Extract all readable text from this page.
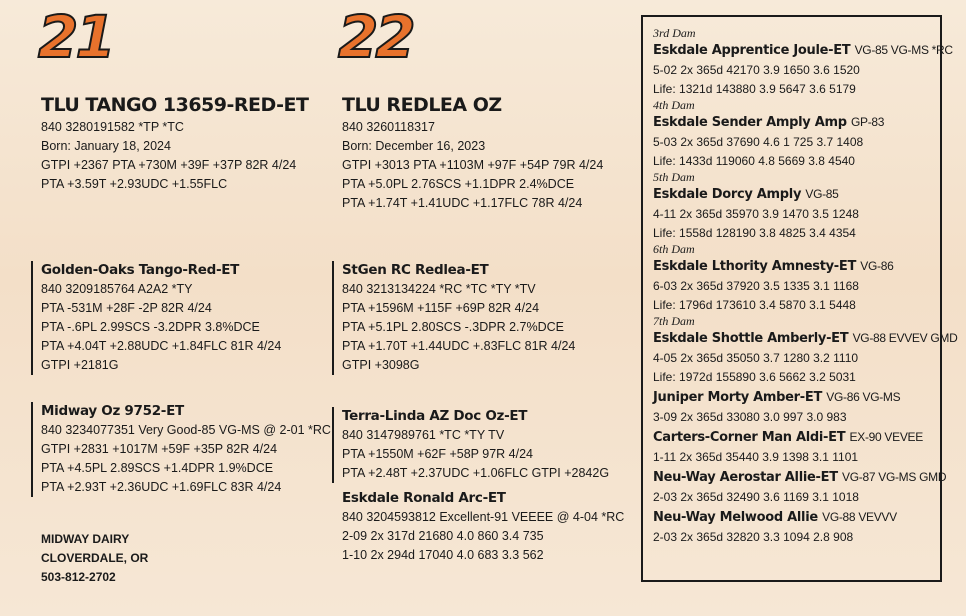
21
TLU TANGO 13659-RED-ET
840 3280191582 *TP *TC
Born: January 18, 2024
GTPI +2367 PTA +730M +39F +37P 82R 4/24
PTA +3.59T +2.93UDC +1.55FLC
Golden-Oaks Tango-Red-ET
840 3209185764 A2A2 *TY
PTA -531M +28F -2P 82R 4/24
PTA -.6PL 2.99SCS -3.2DPR 3.8%DCE
PTA +4.04T +2.88UDC +1.84FLC 81R 4/24
GTPI +2181G
Midway Oz 9752-ET
840 3234077351 Very Good-85 VG-MS @ 2-01 *RC
GTPI +2831 +1017M +59F +35P 82R 4/24
PTA +4.5PL 2.89SCS +1.4DPR 1.9%DCE
PTA +2.93T +2.36UDC +1.69FLC 83R 4/24
MIDWAY DAIRY
CLOVERDALE, OR
503-812-2702
22
TLU REDLEA OZ
840 3260118317
Born: December 16, 2023
GTPI +3013 PTA +1103M +97F +54P 79R 4/24
PTA +5.0PL 2.76SCS +1.1DPR 2.4%DCE
PTA +1.74T +1.41UDC +1.17FLC 78R 4/24
StGen RC Redlea-ET
840 3213134224 *RC *TC *TY *TV
PTA +1596M +115F +69P 82R 4/24
PTA +5.1PL 2.80SCS -.3DPR 2.7%DCE
PTA +1.70T +1.44UDC +.83FLC 81R 4/24
GTPI +3098G
Terra-Linda AZ Doc Oz-ET
840 3147989761 *TC *TY TV
PTA +1550M +62F +58P 97R 4/24
PTA +2.48T +2.37UDC +1.06FLC GTPI +2842G
Eskdale Ronald Arc-ET
840 3204593812 Excellent-91 VEEEE @ 4-04 *RC
2-09 2x 317d 21680 4.0 860 3.4 735
1-10 2x 294d 17040 4.0 683 3.3 562
3rd Dam
Eskdale Apprentice Joule-ET VG-85 VG-MS *RC
5-02 2x 365d 42170 3.9 1650 3.6 1520
Life: 1321d 143880 3.9 5647 3.6 5179
4th Dam
Eskdale Sender Amply Amp GP-83
5-03 2x 365d 37690 4.6 1 725 3.7 1408
Life: 1433d 119060 4.8 5669 3.8 4540
5th Dam
Eskdale Dorcy Amply VG-85
4-11 2x 365d 35970 3.9 1470 3.5 1248
Life: 1558d 128190 3.8 4825 3.4 4354
6th Dam
Eskdale Lthority Amnesty-ET VG-86
6-03 2x 365d 37920 3.5 1335 3.1 1168
Life: 1796d 173610 3.4 5870 3.1 5448
7th Dam
Eskdale Shottle Amberly-ET VG-88 EVVEV GMD
4-05 2x 365d 35050 3.7 1280 3.2 1110
Life: 1972d 155890 3.6 5662 3.2 5031
Juniper Morty Amber-ET VG-86 VG-MS
3-09 2x 365d 33080 3.0 997 3.0 983
Carters-Corner Man Aldi-ET EX-90 VEVEE
1-11 2x 365d 35440 3.9 1398 3.1 1101
Neu-Way Aerostar Allie-ET VG-87 VG-MS GMD
2-03 2x 365d 32490 3.6 1169 3.1 1018
Neu-Way Melwood Allie VG-88 VEVVV
2-03 2x 365d 32820 3.3 1094 2.8 908
